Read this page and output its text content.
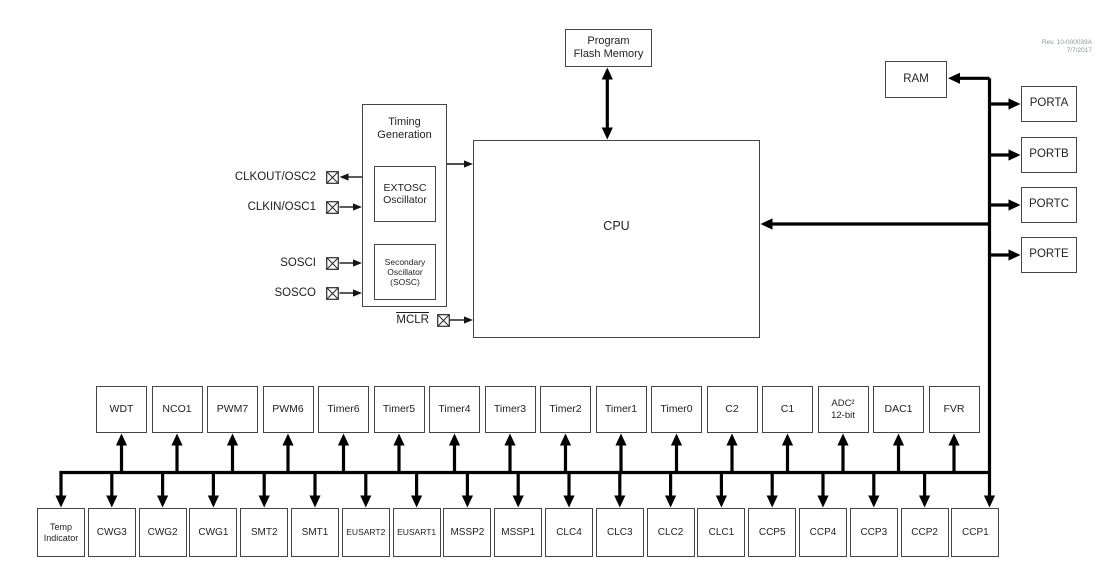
Program
Flash Memory
CPU
RAM
Timing
Generation
EXTOSC
Oscillator
Secondary
Oscillator
(SOSC)
Rev. 10-000039A
7/7/2017
WDT	NCO1 PWM7 PWM6 Timer6 Timer5 Timer4 Timer3 Timer2 Timer1 Timer0	C2	C1	ADC²
12-bit	DAC1	FVR
Temp
Indicator CWG3 CWG2 CWG1 SMT2 SMT1 EUSART2 EUSART1 MSSP2 MSSP1 CLC4	CLC3	CLC2	CLC1 CCP5 CCP4 CCP3 CCP2 CCP1
PORTA
PORTB
PORTC
PORTE
CLKOUT/OSC2
CLKIN/OSC1
SOSCI
SOSCO
MCLR
